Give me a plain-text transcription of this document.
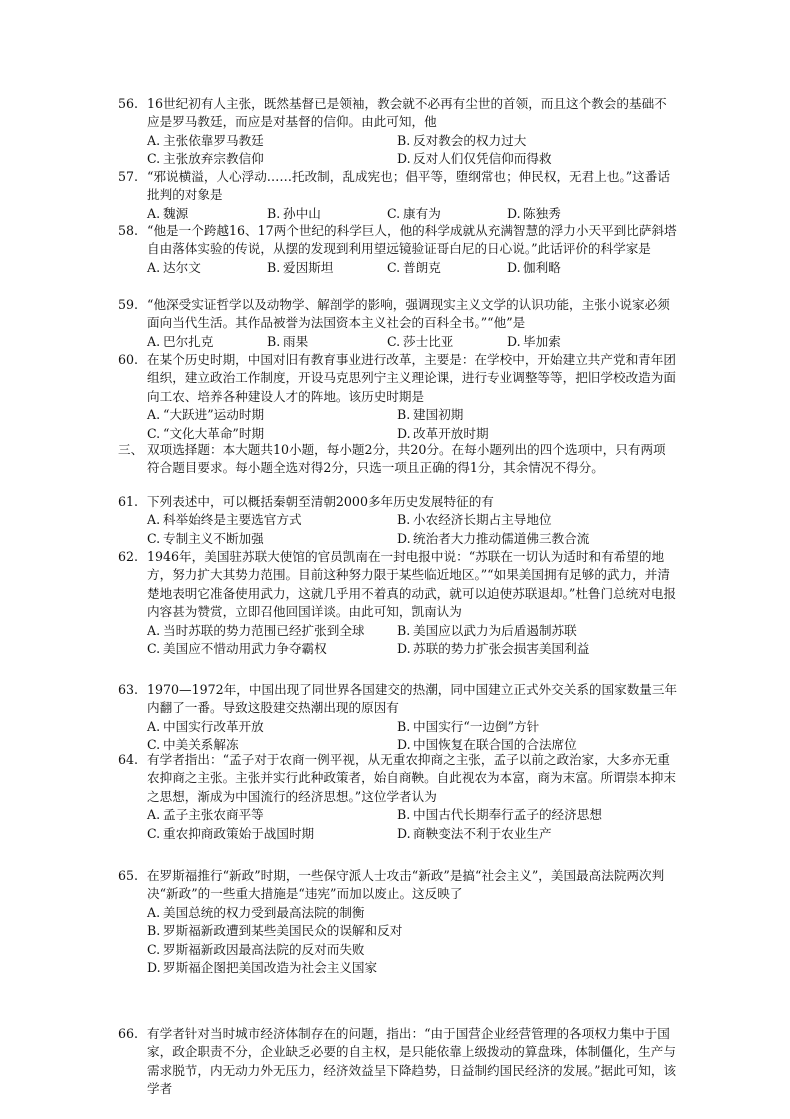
56. 16世纪初有人主张，既然基督已是领袖，教会就不必再有尘世的首领，而且这个教会的基础不应是罗马教廷，而应是对基督的信仰。由此可知，他
A. 主张依靠罗马教廷	B. 反对教会的权力过大
C. 主张放弃宗教信仰	D. 反对人们仅凭信仰而得救
57. “邪说横溢，人心浮动……托改制，乱成宪也；倡平等，堕纲常也；伸民权，无君上也。”这番话批判的对象是
A. 魏源	B. 孙中山	C. 康有为	D. 陈独秀
58. “他是一个跨越16、17两个世纪的科学巨人，他的科学成就从充满智慧的浮力小天平到比萨斜塔自由落体实验的传说，从摆的发现到利用望远镜验证哥白尼的日心说。”此话评价的科学家是
A. 达尔文	B. 爱因斯坦	C. 普朗克	D. 伽利略
59. “他深受实证哲学以及动物学、解剖学的影响，强调现实主义文学的认识功能，主张小说家必须面向当代生活。其作品被誉为法国资本主义社会的百科全书。”“他”是
A. 巴尔扎克	B. 雨果	C. 莎士比亚	D. 毕加索
60. 在某个历史时期，中国对旧有教育事业进行改革，主要是：在学校中，开始建立共产党和青年团组织，建立政治工作制度，开设马克思列宁主义理论课，进行专业调整等等，把旧学校改造为面向工农、培养各种建设人才的阵地。该历史时期是
A. “大跃进”运动时期	B. 建国初期
C. “文化大革命”时期	D. 改革开放时期
三、 双项选择题：本大题共10小题，每小题2分，共20分。在每小题列出的四个选项中，只有两项符合题目要求。每小题全选对得2分，只选一项且正确的得1分，其余情况不得分。
61. 下列表述中，可以概括秦朝至清朝2000多年历史发展特征的有
A. 科举始终是主要选官方式	B. 小农经济长期占主导地位
C. 专制主义不断加强	D. 统治者大力推动儒道佛三教合流
62. 1946年，美国驻苏联大使馆的官员凯南在一封电报中说：“苏联在一切认为适时和有希望的地方，努力扩大其势力范围。目前这种努力限于某些临近地区。”“如果美国拥有足够的武力，并清楚地表明它准备使用武力，这就几乎用不着真的动武，就可以迫使苏联退却。”杜鲁门总统对电报内容甚为赞赏，立即召他回国详谈。由此可知，凯南认为
A. 当时苏联的势力范围已经扩张到全球	B. 美国应以武力为后盾遏制苏联
C. 美国应不惜动用武力争夺霸权	D. 苏联的势力扩张会损害美国利益
63. 1970—1972年，中国出现了同世界各国建交的热潮，同中国建立正式外交关系的国家数量三年内翻了一番。导致这股建交热潮出现的原因有
A. 中国实行改革开放	B. 中国实行“一边倒”方针
C. 中美关系解冻	D. 中国恢复在联合国的合法席位
64. 有学者指出：“孟子对于农商一例平视，从无重农抑商之主张，孟子以前之政治家，大多亦无重农抑商之主张。主张并实行此种政策者，始自商鞅。自此视农为本富，商为末富。所谓崇本抑末之思想，渐成为中国流行的经济思想。”这位学者认为
A. 孟子主张农商平等	B. 中国古代长期奉行孟子的经济思想
C. 重农抑商政策始于战国时期	D. 商鞅变法不利于农业生产
65. 在罗斯福推行“新政”时期，一些保守派人士攻击“新政”是搞“社会主义”，美国最高法院两次判决“新政”的一些重大措施是“违宪”而加以废止。这反映了
A. 美国总统的权力受到最高法院的制衡
B. 罗斯福新政遭到某些美国民众的误解和反对
C. 罗斯福新政因最高法院的反对而失败
D. 罗斯福企图把美国改造为社会主义国家
66. 有学者针对当时城市经济体制存在的问题，指出：“由于国营企业经营管理的各项权力集中于国家，政企职责不分，企业缺乏必要的自主权，是只能依靠上级拨动的算盘珠，体制僵化，生产与需求脱节，内无动力外无压力，经济效益呈下降趋势，日益制约国民经济的发展。”据此可知，该学者
